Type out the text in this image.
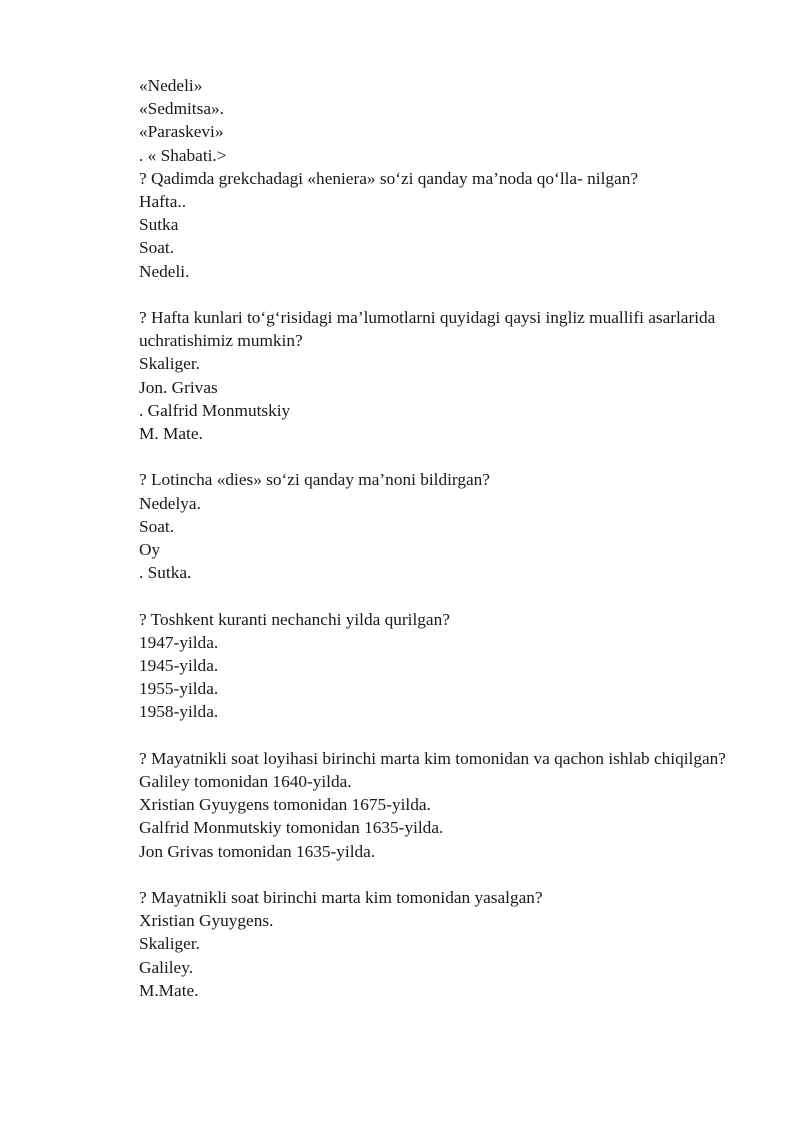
«Nedeli»
«Sedmitsa».
«Paraskevi»
. « Shabati.>
? Qadimda grekchadagi «heniera» so‘zi qanday ma’noda qo‘lla- nilgan?
Hafta..
Sutka
Soat.
Nedeli.
? Hafta kunlari to‘g‘risidagi ma’lumotlarni quyidagi qaysi ingliz muallifi asarlarida uchratishimiz mumkin?
Skaliger.
Jon. Grivas
. Galfrid Monmutskiy
M. Mate.
? Lotincha «dies» so‘zi qanday ma’noni bildirgan?
Nedelya.
Soat.
Oy
. Sutka.
? Toshkent kuranti nechanchi yilda qurilgan?
1947-yilda.
1945-yilda.
1955-yilda.
1958-yilda.
? Mayatnikli soat loyihasi birinchi marta kim tomonidan va qachon ishlab chiqilgan?
Galiley tomonidan 1640-yilda.
Xristian Gyuygens tomonidan 1675-yilda.
Galfrid Monmutskiy tomonidan 1635-yilda.
Jon Grivas tomonidan 1635-yilda.
? Mayatnikli soat birinchi marta kim tomonidan yasalgan?
Xristian Gyuygens.
Skaliger.
Galiley.
M.Mate.
